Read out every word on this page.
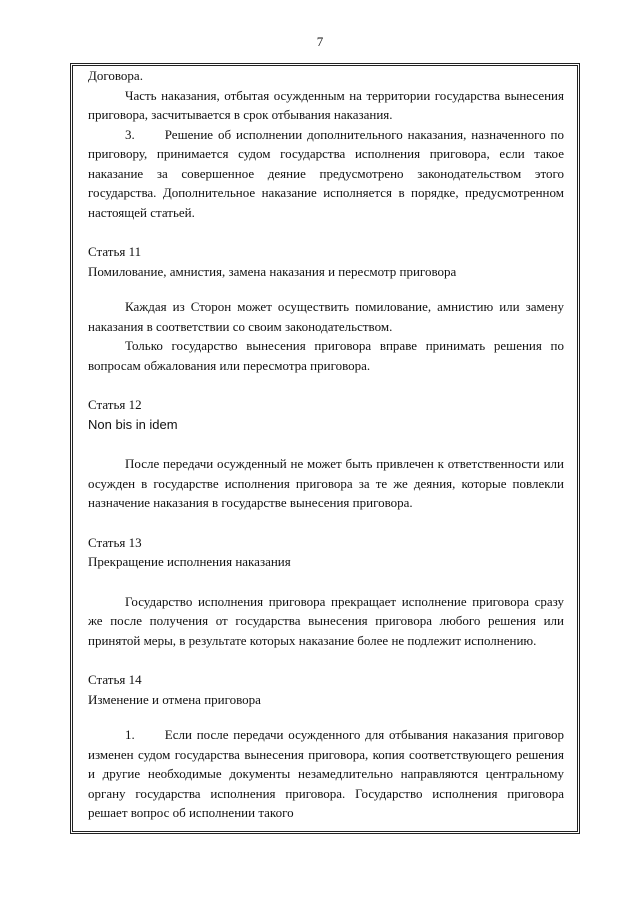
7

Договора.

Часть наказания, отбытая осужденным на территории государства вынесения приговора, засчитывается в срок отбывания наказания.

3. Решение об исполнении дополнительного наказания, назначенного по приговору, принимается судом государства исполнения приговора, если такое наказание за совершенное деяние предусмотрено законодательством этого государства. Дополнительное наказание исполняется в порядке, предусмотренном настоящей статьей.

Статья 11

Помилование, амнистия, замена наказания и пересмотр приговора

Каждая из Сторон может осуществить помилование, амнистию или замену наказания в соответствии со своим законодательством.

Только государство вынесения приговора вправе принимать решения по вопросам обжалования или пересмотра приговора.

Статья 12

Non bis in idem

После передачи осужденный не может быть привлечен к ответственности или осужден в государстве исполнения приговора за те же деяния, которые повлекли назначение наказания в государстве вынесения приговора.

Статья 13

Прекращение исполнения наказания

Государство исполнения приговора прекращает исполнение приговора сразу же после получения от государства вынесения приговора любого решения или принятой меры, в результате которых наказание более не подлежит исполнению.

Статья 14

Изменение и отмена приговора

1. Если после передачи осужденного для отбывания наказания приговор изменен судом государства вынесения приговора, копия соответствующего решения и другие необходимые документы незамедлительно направляются центральному органу государства исполнения приговора. Государство исполнения приговора решает вопрос об исполнении такого
